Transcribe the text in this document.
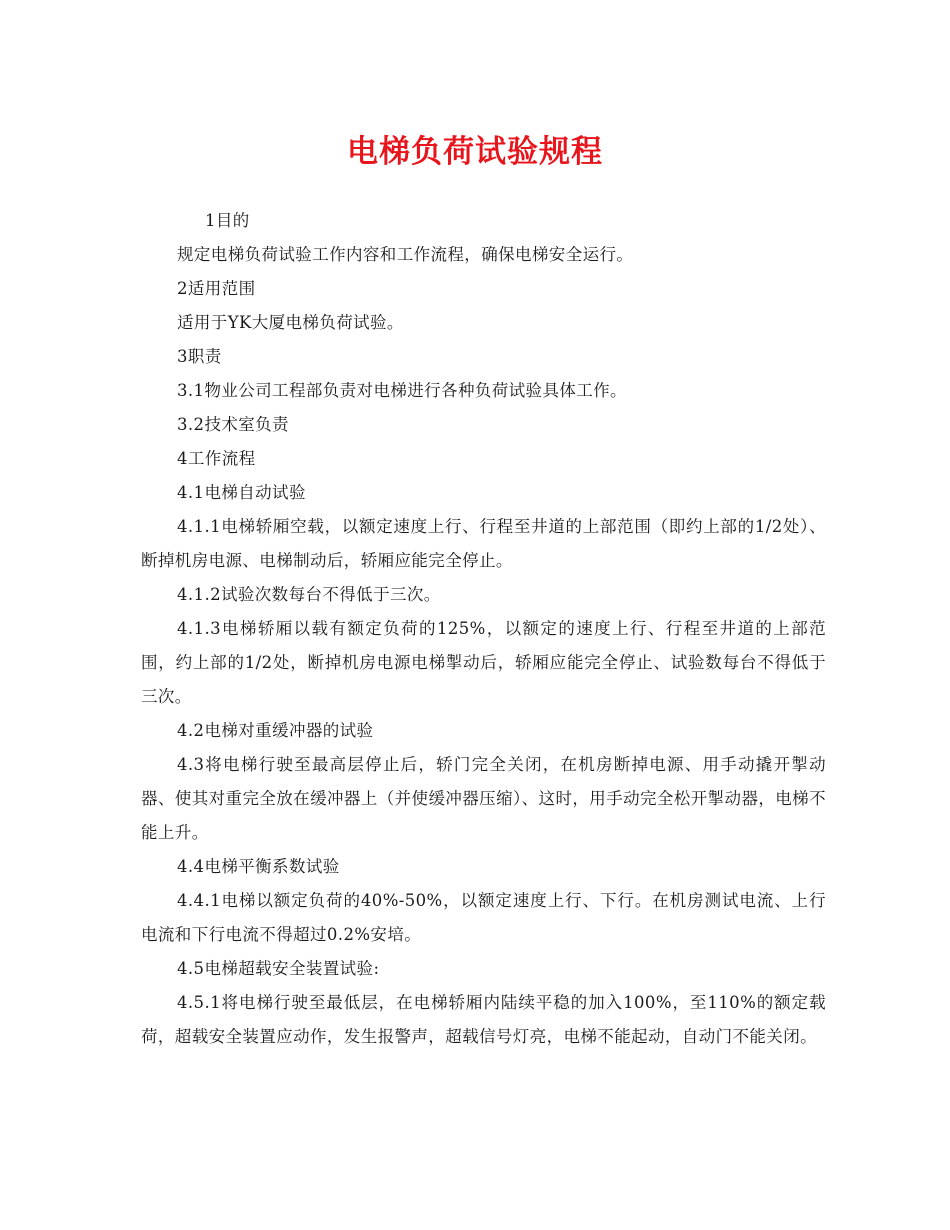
电梯负荷试验规程

1目的

规定电梯负荷试验工作内容和工作流程，确保电梯安全运行。

2适用范围

适用于YK大厦电梯负荷试验。

3职责

3.1物业公司工程部负责对电梯进行各种负荷试验具体工作。

3.2技术室负责

4工作流程

4.1电梯自动试验

4.1.1电梯轿厢空载，以额定速度上行、行程至井道的上部范围（即约上部的1/2处）、断掉机房电源、电梯制动后，轿厢应能完全停止。

4.1.2试验次数每台不得低于三次。

4.1.3电梯轿厢以载有额定负荷的125%，以额定的速度上行、行程至井道的上部范围，约上部的1/2处，断掉机房电源电梯掣动后，轿厢应能完全停止、试验数每台不得低于三次。

4.2电梯对重缓冲器的试验

4.3将电梯行驶至最高层停止后，轿门完全关闭，在机房断掉电源、用手动撬开掣动器、使其对重完全放在缓冲器上（并使缓冲器压缩）、这时，用手动完全松开掣动器，电梯不能上升。

4.4电梯平衡系数试验

4.4.1电梯以额定负荷的40%-50%，以额定速度上行、下行。在机房测试电流、上行电流和下行电流不得超过0.2%安培。

4.5电梯超载安全装置试验:

4.5.1将电梯行驶至最低层，在电梯轿厢内陆续平稳的加入100%，至110%的额定载荷，超载安全装置应动作，发生报警声，超载信号灯亮，电梯不能起动，自动门不能关闭。
